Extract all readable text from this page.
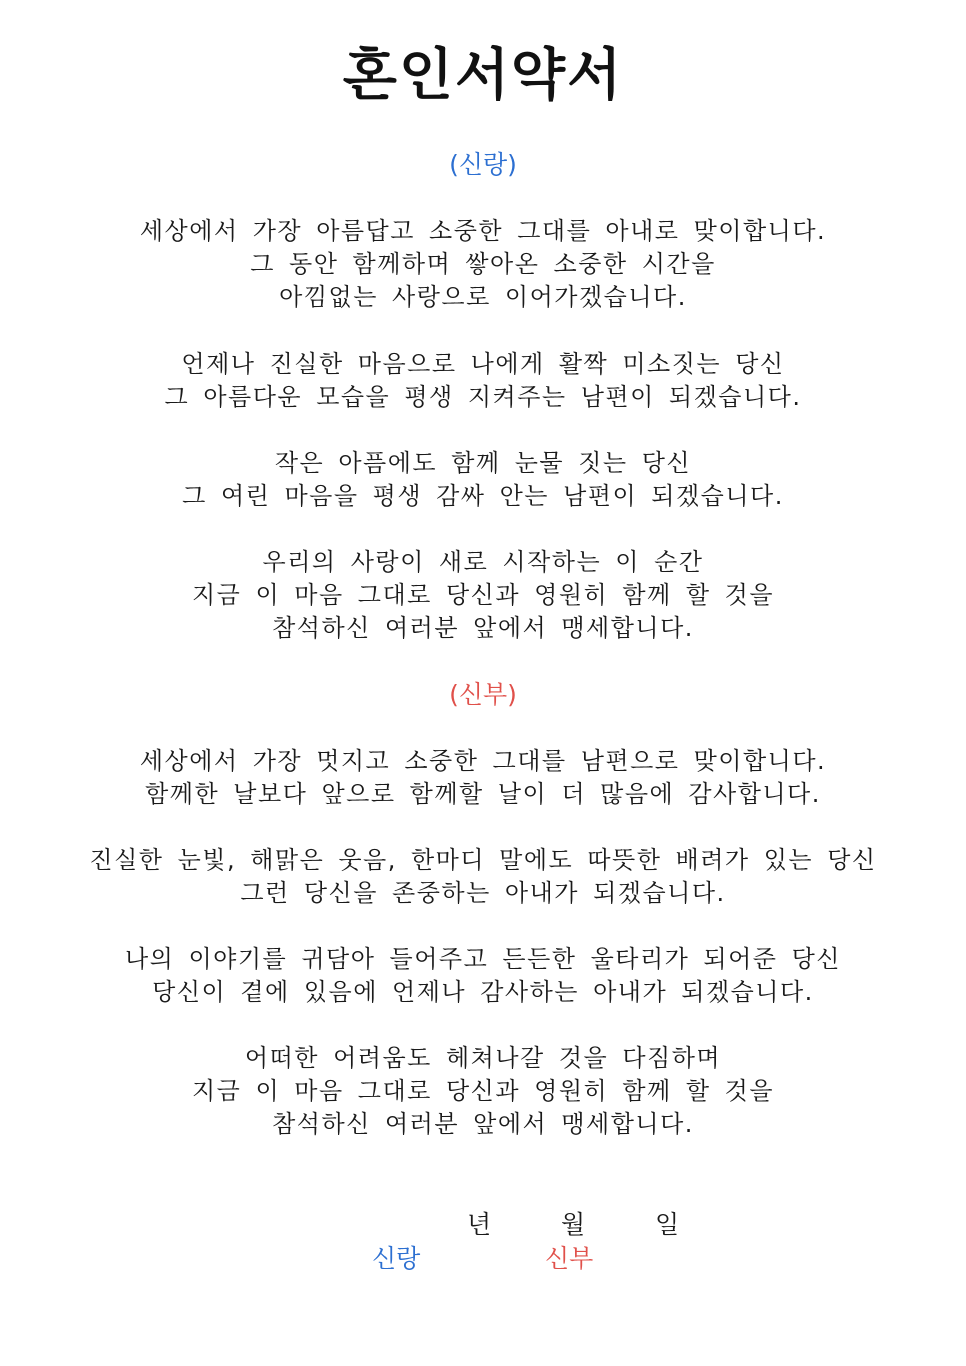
혼인서약서
(신랑)
세상에서 가장 아름답고 소중한 그대를 아내로 맞이합니다.
그 동안 함께하며 쌓아온 소중한 시간을
아낌없는 사랑으로 이어가겠습니다.
언제나 진실한 마음으로 나에게 활짝 미소짓는 당신
그 아름다운 모습을 평생 지켜주는 남편이 되겠습니다.
작은 아픔에도 함께 눈물 짓는 당신
그 여린 마음을 평생 감싸 안는 남편이 되겠습니다.
우리의 사랑이 새로 시작하는 이 순간
지금 이 마음 그대로 당신과 영원히 함께 할 것을
참석하신 여러분 앞에서 맹세합니다.
(신부)
세상에서 가장 멋지고 소중한 그대를 남편으로 맞이합니다.
함께한 날보다 앞으로 함께할 날이 더 많음에 감사합니다.
진실한 눈빛, 해맑은 웃음, 한마디 말에도 따뜻한 배려가 있는 당신
그런 당신을 존중하는 아내가 되겠습니다.
나의 이야기를 귀담아 들어주고 든든한 울타리가 되어준 당신
당신이 곁에 있음에 언제나 감사하는 아내가 되겠습니다.
어떠한 어려움도 헤쳐나갈 것을 다짐하며
지금 이 마음 그대로 당신과 영원히 함께 할 것을
참석하신 여러분 앞에서 맹세합니다.
년	월	일
신랑	신부
